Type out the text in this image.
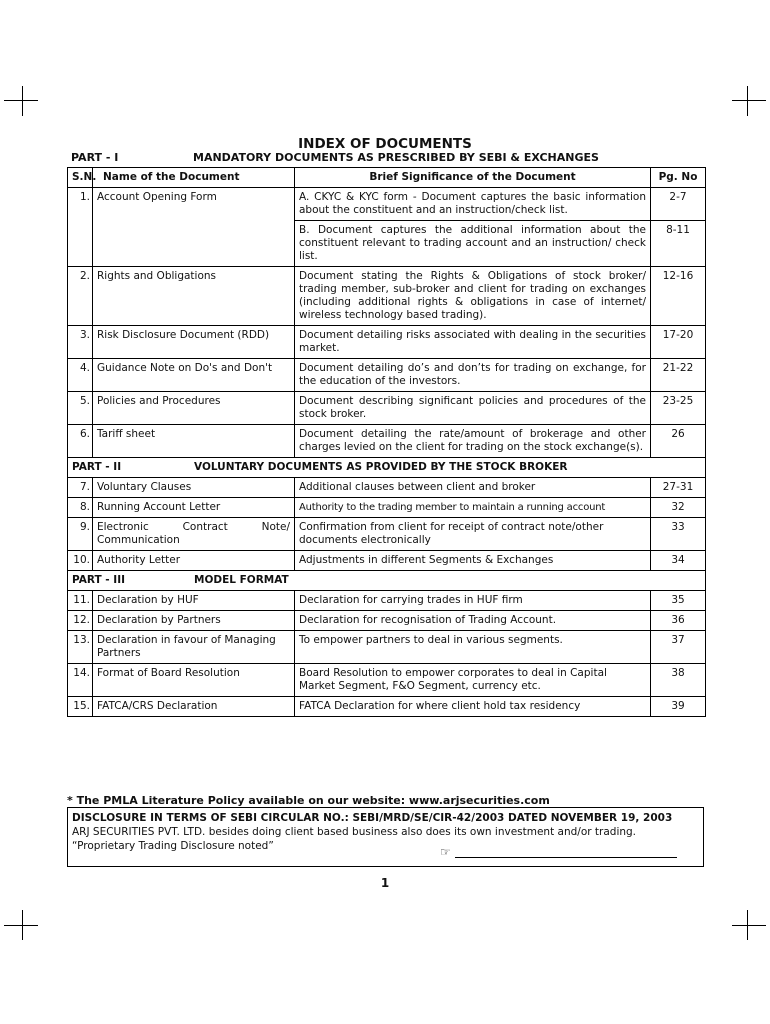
INDEX OF DOCUMENTS
PART - I	MANDATORY DOCUMENTS AS PRESCRIBED BY SEBI & EXCHANGES
S.N.	Name of the Document	Brief Significance of the Document	Pg. No
1.	Account Opening Form	A. CKYC & KYC form - Document captures the basic information about the constituent and an instruction/check list.	2-7
		B. Document captures the additional information about the constituent relevant to trading account and an instruction/ check list.	8-11
2.	Rights and Obligations	Document stating the Rights & Obligations of stock broker/ trading member, sub-broker and client for trading on exchanges (including additional rights & obligations in case of internet/ wireless technology based trading).	12-16
3.	Risk Disclosure Document (RDD)	Document detailing risks associated with dealing in the securities market.	17-20
4.	Guidance Note on Do's and Don't	Document detailing do’s and don’ts for trading on exchange, for the education of the investors.	21-22
5.	Policies and Procedures	Document describing significant policies and procedures of the stock broker.	23-25
6.	Tariff sheet	Document detailing the rate/amount of brokerage and other charges levied on the client for trading on the stock exchange(s).	26
PART - II VOLUNTARY DOCUMENTS AS PROVIDED BY THE STOCK BROKER			
7.	Voluntary Clauses	Additional clauses between client and broker	27-31
8.	Running Account Letter	Authority to the trading member to maintain a running account	32
9.	Electronic Contract Note/ Communication	Confirmation from client for receipt of contract note/other documents electronically	33
10.	Authority Letter	Adjustments in different Segments & Exchanges	34
PART - III MODEL FORMAT			
11.	Declaration by HUF	Declaration for carrying trades in HUF firm	35
12.	Declaration by Partners	Declaration for recognisation of Trading Account.	36
13.	Declaration in favour of Managing Partners	To empower partners to deal in various segments.	37
14.	Format of Board Resolution	Board Resolution to empower corporates to deal in Capital Market Segment, F&O Segment, currency etc.	38
15.	FATCA/CRS Declaration	FATCA Declaration for where client hold tax residency	39
* The PMLA Literature Policy available on our website: www.arjsecurities.com
DISCLOSURE IN TERMS OF SEBI CIRCULAR NO.: SEBI/MRD/SE/CIR-42/2003 DATED NOVEMBER 19, 2003
ARJ SECURITIES PVT. LTD. besides doing client based business also does its own investment and/or trading.
“Proprietary Trading Disclosure noted”	☞
1
